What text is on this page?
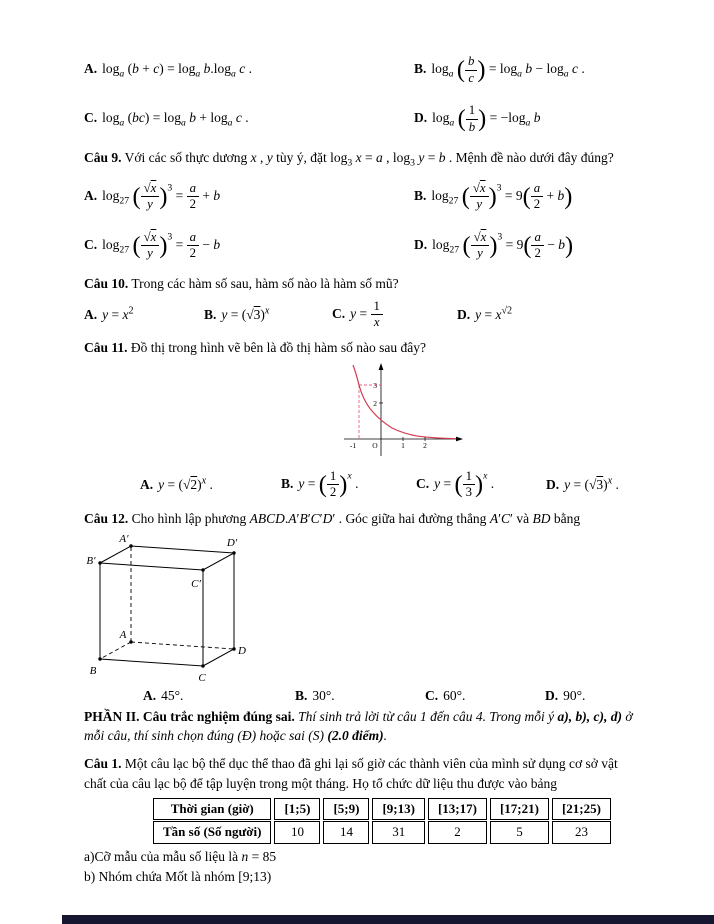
A. $\log_a (b + c) = \log_a b.\log_a$ c .	B. $\log_a$ ( $\frac{b}{c}$ ) = $\log_a b - \log_a c$ .
C. $\log_a (bc) = \log_a b + \log_a c$ .	D. $\log_a$ ( $\frac{1}{b}$ ) = $-\log_a$ b

Câu 9. Với các số thực dương x , y tùy ý, đặt $\log_3 x = a$ , $\log_3 y = b$ . Mệnh đề nào dưới đây đúng?

A. $\log_{27}$ ( $\frac{√x}{y} )^3 = \frac{a}{2} + b$	B. $\log_{27}$ ( $\frac{√x}{y} )^3 = 9( \frac{a}{2} + b)$
C. $\log_{27}$ ( $\frac{√x}{y} )^3 = \frac{a}{2} - b$	D. $\log_{27}$ ( $\frac{√x}{y} )^3 = 9( \frac{a}{2} - b)$

Câu 10. Trong các hàm số sau, hàm số nào là hàm số mũ?

A. $y = x^2$	B. $y = (√3)^x$	C. $y = \frac{1}{x}$	D. $y = x^{√2}$

Câu 11. Đồ thị trong hình vẽ bên là đồ thị hàm số nào sau đây?

-1 O	1 2
3
2
A. $y = (√2)^x$ .	B. y = ( $\frac{1}{2} )^x$ .	C. y = ( $\frac{1}{3} )^x$ .	D. $y = (√3)^x$ .

Câu 12. Cho hình lập phương ABCD.A′B′C′D′ . Góc giữa hai đường thẳng A′C′ và BD bằng

A′	D′
B′
C′
A
D
B
C
A. 45°.	B. 30°.	C. 60°.	D. 90°.

PHẦN II. Câu trắc nghiệm đúng sai. Thí sinh trả lời từ câu 1 đến câu 4. Trong mỗi ý a), b), c), d) ở mỗi câu, thí sinh chọn đúng (Đ) hoặc sai (S) (2.0 điểm).

Câu 1. Một câu lạc bộ thể dục thể thao đã ghi lại số giờ các thành viên của mình sử dụng cơ sở vật chất của câu lạc bộ để tập luyện trong một tháng. Họ tổ chức dữ liệu thu được vào bảng

Thời gian (giờ)	[1;5)	[5;9)	[9;13)	[13;17)	[17;21)	[21;25)
Tần số (Số người)	10	14	31	2	5	23

a)Cỡ mẫu của mẫu số liệu là n = 85

b) Nhóm chứa Mốt là nhóm [9;13)
